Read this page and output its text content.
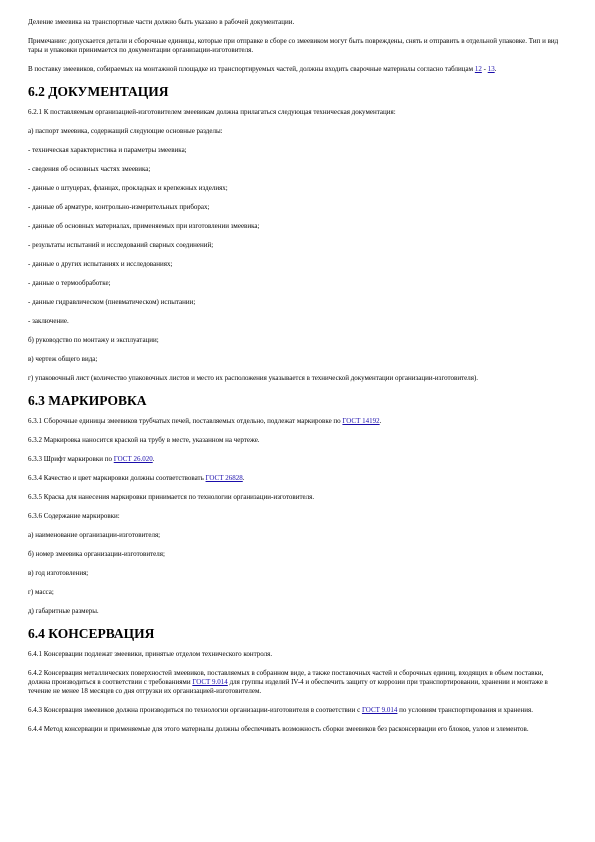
Деление змеевика на транспортные части должно быть указано в рабочей документации.

Примечание: допускается детали и сборочные единицы, которые при отправке в сборе со змеевиком могут быть повреждены, снять и отправить в отдельной упаковке. Тип и вид тары и упаковки принимается по документации организации-изготовителя.

В поставку змеевиков, собираемых на монтажной площадке из транспортируемых частей, должны входить сварочные материалы согласно таблицам 12 - 13.

6.2 ДОКУМЕНТАЦИЯ

6.2.1 К поставляемым организацией-изготовителем змеевикам должна прилагаться следующая техническая документация:

а) паспорт змеевика, содержащий следующие основные разделы:

- техническая характеристика и параметры змеевика;

- сведения об основных частях змеевика;

- данные о штуцерах, фланцах, прокладках и крепежных изделиях;

- данные об арматуре, контрольно-измерительных приборах;

- данные об основных материалах, применяемых при изготовлении змеевика;

- результаты испытаний и исследований сварных соединений;

- данные о других испытаниях и исследованиях;

- данные о термообработке;

- данные гидравлическом (пневматическом) испытании;

- заключение.

б) руководство по монтажу и эксплуатации;

в) чертеж общего вида;

г) упаковочный лист (количество упаковочных листов и место их расположения указывается в технической документации организации-изготовителя).

6.3 МАРКИРОВКА

6.3.1 Сборочные единицы змеевиков трубчатых печей, поставляемых отдельно, подлежат маркировке по ГОСТ 14192.

6.3.2 Маркировка наносится краской на трубу в месте, указанном на чертеже.

6.3.3 Шрифт маркировки по ГОСТ 26.020.

6.3.4 Качество и цвет маркировки должны соответствовать ГОСТ 26828.

6.3.5 Краска для нанесения маркировки принимается по технологии организации-изготовителя.

6.3.6 Содержание маркировки:

а) наименование организации-изготовителя;

б) номер змеевика организации-изготовителя;

в) год изготовления;

г) масса;

д) габаритные размеры.

6.4 КОНСЕРВАЦИЯ

6.4.1 Консервации подлежат змеевики, принятые отделом технического контроля.

6.4.2 Консервация металлических поверхностей змеевиков, поставляемых в собранном виде, а также поставочных частей и сборочных единиц, входящих в объем поставки, должна производиться в соответствии с требованиями ГОСТ 9.014 для группы изделий IV-4 и обеспечить защиту от коррозии при транспортировании, хранении и монтаже в течение не менее 18 месяцев со дня отгрузки их организацией-изготовителем.

6.4.3 Консервация змеевиков должна производиться по технологии организации-изготовителя в соответствии с ГОСТ 9.014 по условиям транспортирования и хранения.

6.4.4 Метод консервации и применяемые для этого материалы должны обеспечивать возможность сборки змеевиков без расконсервации его блоков, узлов и элементов.
